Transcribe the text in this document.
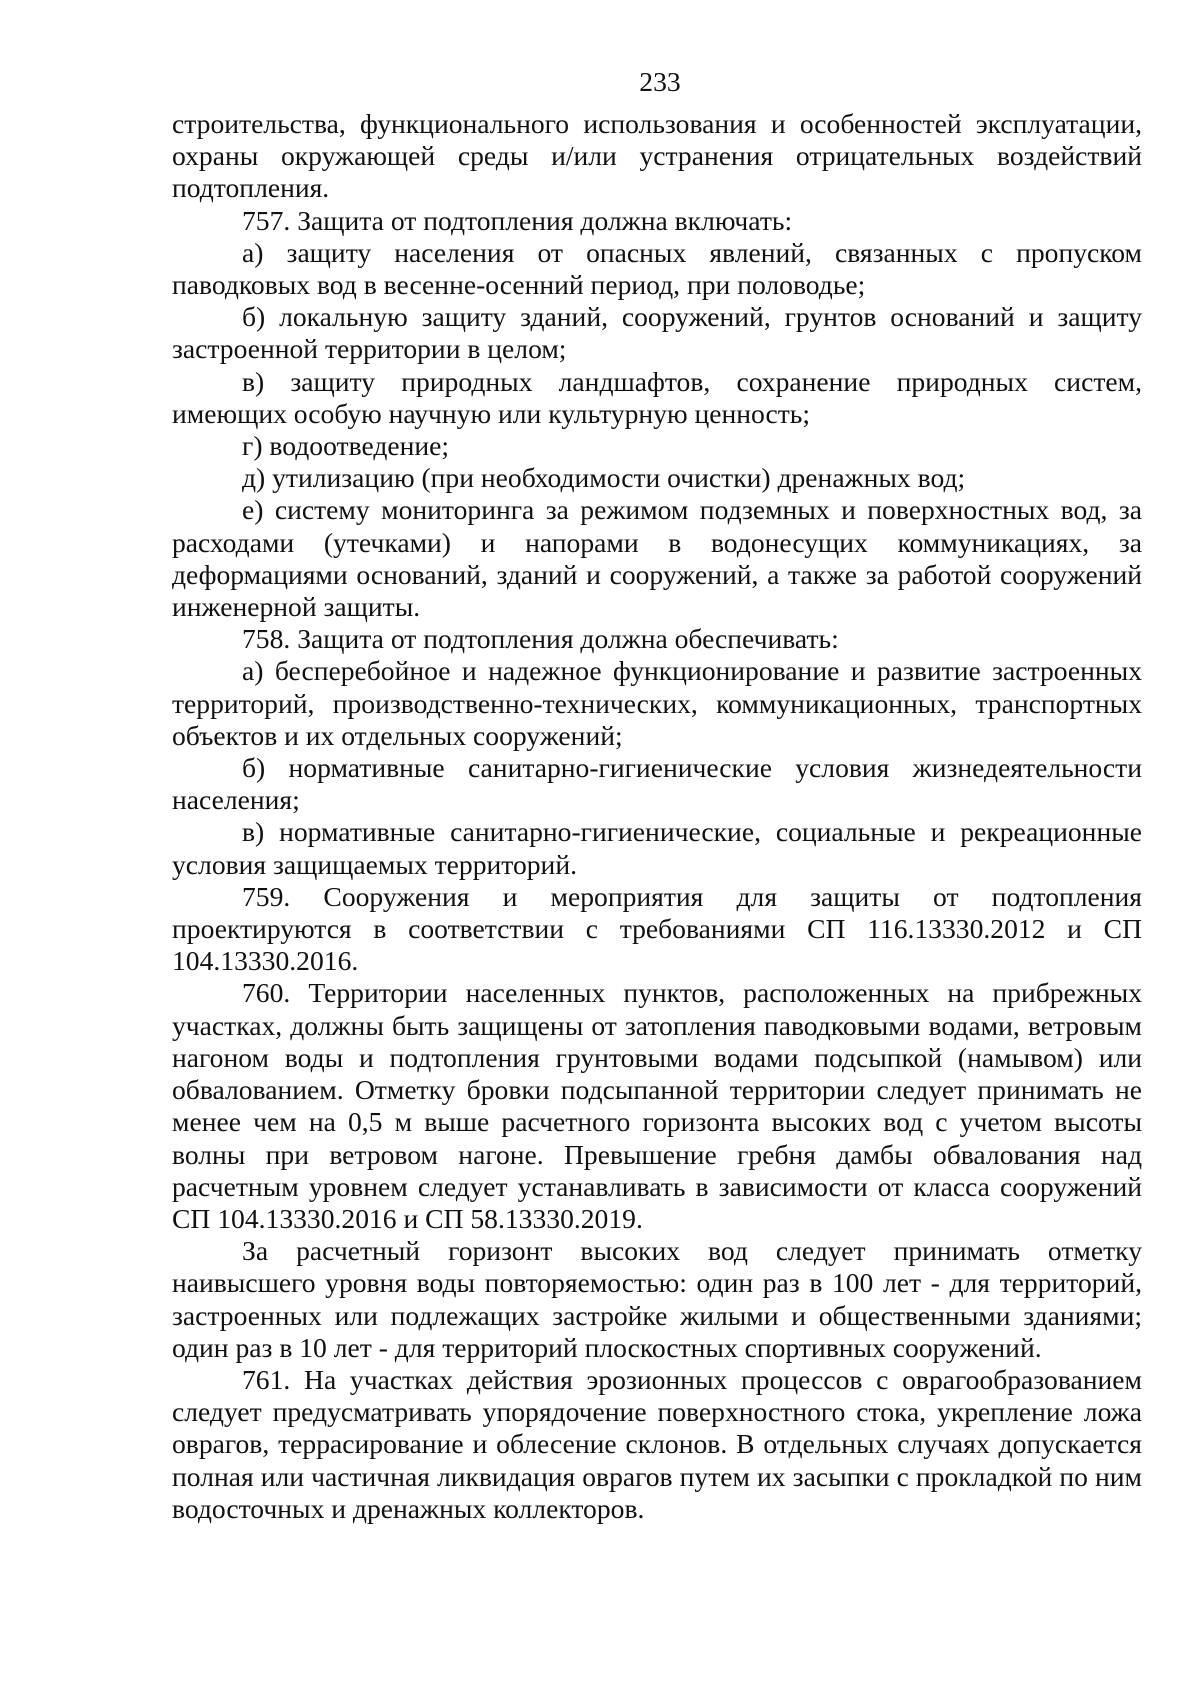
233

строительства, функционального использования и особенностей эксплуатации, охраны окружающей среды и/или устранения отрицательных воздействий подтопления.

757. Защита от подтопления должна включать:

а) защиту населения от опасных явлений, связанных с пропуском паводковых вод в весенне-осенний период, при половодье;

б) локальную защиту зданий, сооружений, грунтов оснований и защиту застроенной территории в целом;

в) защиту природных ландшафтов, сохранение природных систем, имеющих особую научную или культурную ценность;

г) водоотведение;

д) утилизацию (при необходимости очистки) дренажных вод;

е) систему мониторинга за режимом подземных и поверхностных вод, за расходами (утечками) и напорами в водонесущих коммуникациях, за деформациями оснований, зданий и сооружений, а также за работой сооружений инженерной защиты.

758. Защита от подтопления должна обеспечивать:

а) бесперебойное и надежное функционирование и развитие застроенных территорий, производственно-технических, коммуникационных, транспортных объектов и их отдельных сооружений;

б) нормативные санитарно-гигиенические условия жизнедеятельности населения;

в) нормативные санитарно-гигиенические, социальные и рекреационные условия защищаемых территорий.

759. Сооружения и мероприятия для защиты от подтопления проектируются в соответствии с требованиями СП 116.13330.2012 и СП 104.13330.2016.

760. Территории населенных пунктов, расположенных на прибрежных участках, должны быть защищены от затопления паводковыми водами, ветровым нагоном воды и подтопления грунтовыми водами подсыпкой (намывом) или обвалованием. Отметку бровки подсыпанной территории следует принимать не менее чем на 0,5 м выше расчетного горизонта высоких вод с учетом высоты волны при ветровом нагоне. Превышение гребня дамбы обвалования над расчетным уровнем следует устанавливать в зависимости от класса сооружений СП 104.13330.2016 и СП 58.13330.2019.

За расчетный горизонт высоких вод следует принимать отметку наивысшего уровня воды повторяемостью: один раз в 100 лет - для территорий, застроенных или подлежащих застройке жилыми и общественными зданиями; один раз в 10 лет - для территорий плоскостных спортивных сооружений.

761. На участках действия эрозионных процессов с оврагообразованием следует предусматривать упорядочение поверхностного стока, укрепление ложа оврагов, террасирование и облесение склонов. В отдельных случаях допускается полная или частичная ликвидация оврагов путем их засыпки с прокладкой по ним водосточных и дренажных коллекторов.
